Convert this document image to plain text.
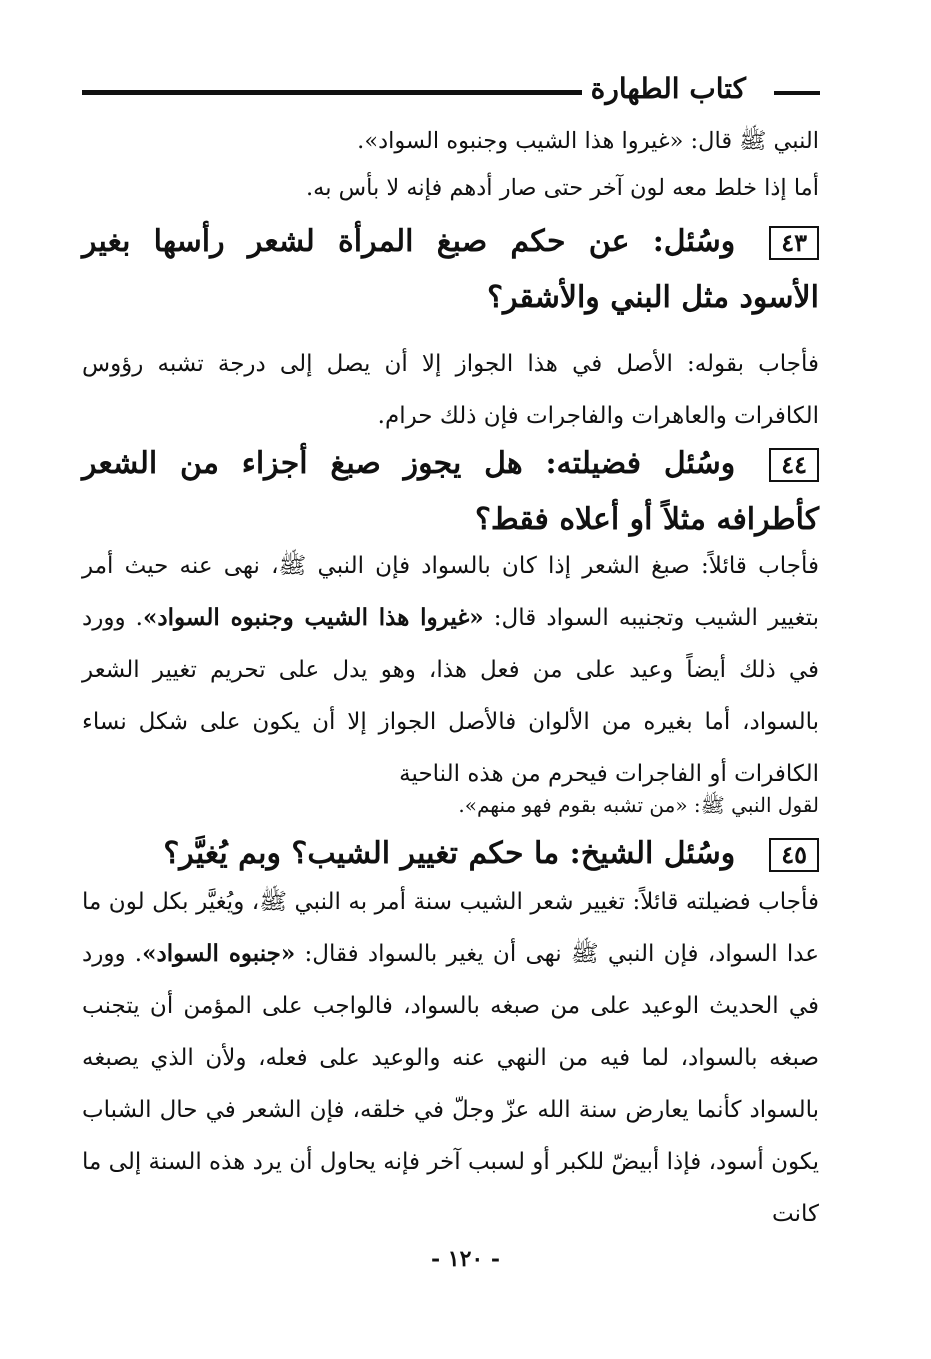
كتاب الطهارة
النبي ﷺ قال: «غيروا هذا الشيب وجنبوه السواد».
أما إذا خلط معه لون آخر حتى صار أدهم فإنه لا بأس به.
٤٣وسُئل: عن حكم صبغ المرأة لشعر رأسها بغير الأسود مثل البني والأشقر؟
فأجاب بقوله: الأصل في هذا الجواز إلا أن يصل إلى درجة تشبه رؤوس الكافرات والعاهرات والفاجرات فإن ذلك حرام.
٤٤وسُئل فضيلته: هل يجوز صبغ أجزاء من الشعر كأطرافه مثلاً أو أعلاه فقط؟
فأجاب قائلاً: صبغ الشعر إذا كان بالسواد فإن النبي ﷺ، نهى عنه حيث أمر بتغيير الشيب وتجنيبه السواد قال: «غيروا هذا الشيب وجنبوه السواد». وورد في ذلك أيضاً وعيد على من فعل هذا، وهو يدل على تحريم تغيير الشعر بالسواد، أما بغيره من الألوان فالأصل الجواز إلا أن يكون على شكل نساء الكافرات أو الفاجرات فيحرم من هذه الناحية
لقول النبي ﷺ: «من تشبه بقوم فهو منهم».
٤٥وسُئل الشيخ: ما حكم تغيير الشيب؟ وبم يُغيَّر؟
فأجاب فضيلته قائلاً: تغيير شعر الشيب سنة أمر به النبي ﷺ، ويُغيَّر بكل لون ما عدا السواد، فإن النبي ﷺ نهى أن يغير بالسواد فقال: «جنبوه السواد». وورد في الحديث الوعيد على من صبغه بالسواد، فالواجب على المؤمن أن يتجنب صبغه بالسواد، لما فيه من النهي عنه والوعيد على فعله، ولأن الذي يصبغه بالسواد كأنما يعارض سنة الله عزّ وجلّ في خلقه، فإن الشعر في حال الشباب يكون أسود، فإذا أبيضّ للكبر أو لسبب آخر فإنه يحاول أن يرد هذه السنة إلى ما كانت
- ١٢٠ -
